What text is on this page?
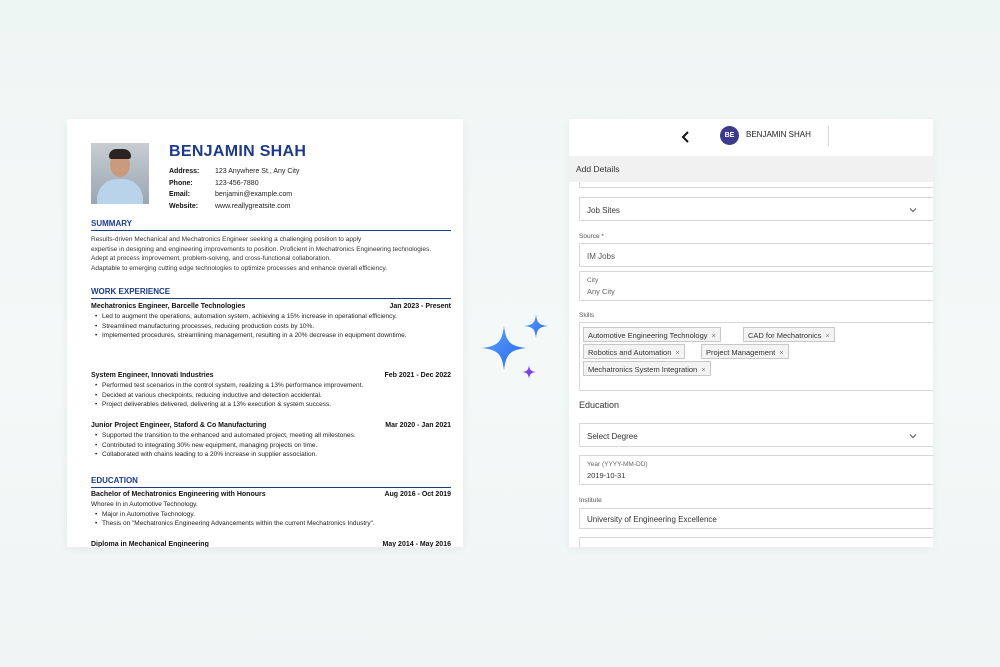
BENJAMIN SHAH
Address:	123 Anywhere St., Any City
Phone:	123-456-7880
Email:	benjamin@example.com
Website:	www.reallygreatsite.com
SUMMARY
Results-driven Mechanical and Mechatronics Engineer seeking a challenging position to apply
expertise in designing and engineering improvements to position. Proficient in Mechatronics Engineering technologies.
Adept at process improvement, problem-solving, and cross-functional collaboration.
Adaptable to emerging cutting edge technologies to optimize processes and enhance overall efficiency.
WORK EXPERIENCE
Mechatronics Engineer, Barcelle Technologies	Jan 2023 - Present
• Led to augment the operations, automation system, achieving a 15% increase in operational efficiency.
• Streamlined manufacturing processes, reducing production costs by 10%.
• Implemented procedures, streamlining management, resulting in a 20% decrease in equipment downtime.
System Engineer, Innovati Industries	Feb 2021 - Dec 2022
• Performed test scenarios in the control system, realizing a 13% performance improvement.
• Decided at various checkpoints, reducing inductive and detection accidental.
• Project deliverables delivered, delivering at a 13% execution & system success.
Junior Project Engineer, Staford & Co Manufacturing	Mar 2020 - Jan 2021
• Supported the transition to the enhanced and automated project, meeting all milestones.
• Contributed to integrating 30% new equipment, managing projects on time.
• Collaborated with chains leading to a 20% increase in supplier association.
EDUCATION
Bachelor of Mechatronics Engineering with Honours	Aug 2016 - Oct 2019
Whoree In in Automotive Technology.
• Major in Automotive Technology.
• Thesis on "Mechatronics Engineering Advancements within the current Mechatronics Industry".
Diploma in Mechanical Engineering	May 2014 - May 2016
BE	BENJAMIN SHAH
Add Details
Job Sites
Source *
IM Jobs
City
Any City
Skills
Automotive Engineering Technology ×	CAD for Mechatronics ×
Robotics and Automation ×	Project Management ×
Mechatronics System Integration ×
Education
Select Degree
Year (YYYY-MM-DD)
2019-10-31
Institute
University of Engineering Excellence
